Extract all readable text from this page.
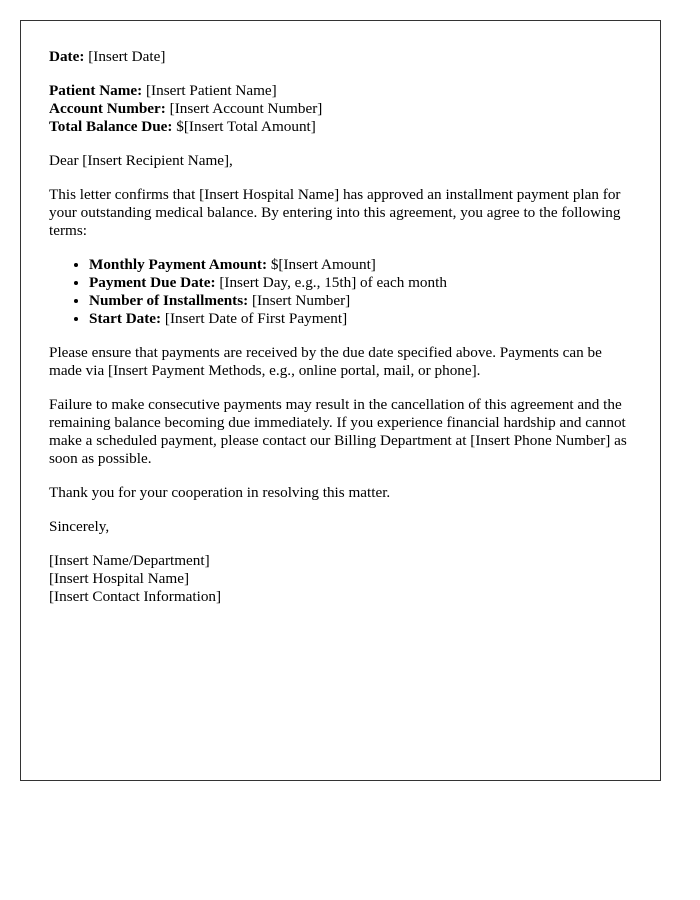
Date: [Insert Date]

Patient Name: [Insert Patient Name]

Account Number: [Insert Account Number]

Total Balance Due: $[Insert Total Amount]

Dear [Insert Recipient Name],

This letter confirms that [Insert Hospital Name] has approved an installment payment plan for your outstanding medical balance. By entering into this agreement, you agree to the following terms:

• Monthly Payment Amount: $[Insert Amount]
• Payment Due Date: [Insert Day, e.g., 15th] of each month
• Number of Installments: [Insert Number]
• Start Date: [Insert Date of First Payment]

Please ensure that payments are received by the due date specified above. Payments can be made via [Insert Payment Methods, e.g., online portal, mail, or phone].

Failure to make consecutive payments may result in the cancellation of this agreement and the remaining balance becoming due immediately. If you experience financial hardship and cannot make a scheduled payment, please contact our Billing Department at [Insert Phone Number] as soon as possible.

Thank you for your cooperation in resolving this matter.

Sincerely,

[Insert Name/Department]

[Insert Hospital Name]

[Insert Contact Information]
